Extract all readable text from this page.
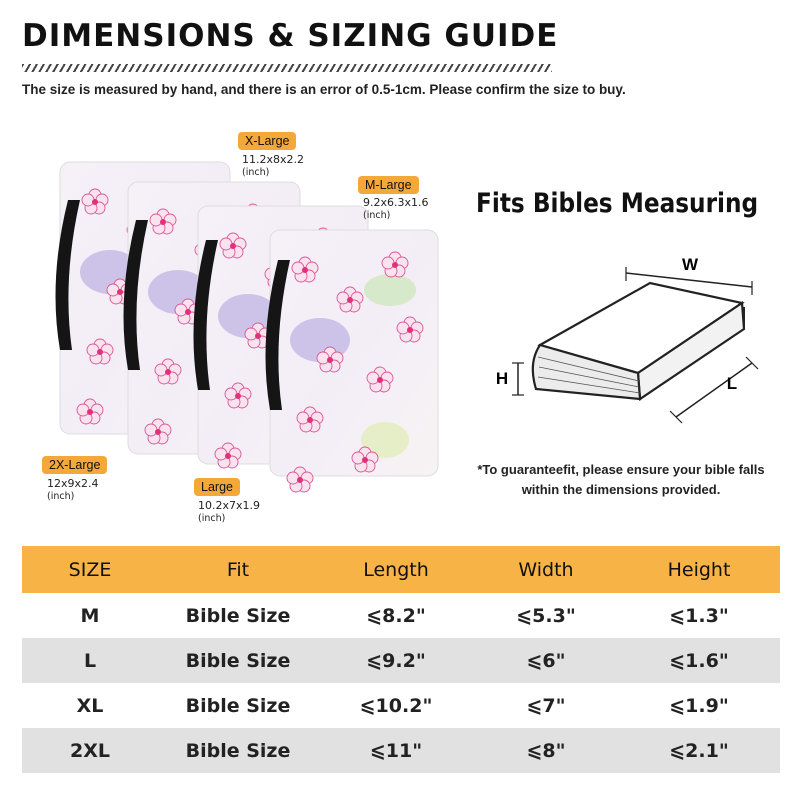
DIMENSIONS & SIZING GUIDE
The size is measured by hand, and there is an error of 0.5-1cm. Please confirm the size to buy.
X-Large
11.2x8x2.2
(inch)
M-Large
9.2x6.3x1.6
(inch)
2X-Large
12x9x2.4
(inch)
Large
10.2x7x1.9
(inch)
Fits Bibles Measuring
W
H	L
*To guaranteefit, please ensure your bible falls
within the dimensions provided.
SIZE	Fit	Length	Width	Height
M	Bible Size	⩽8.2"	⩽5.3"	⩽1.3"
L	Bible Size	⩽9.2"	⩽6"	⩽1.6"
XL	Bible Size	⩽10.2"	⩽7"	⩽1.9"
2XL	Bible Size	⩽11"	⩽8"	⩽2.1"
